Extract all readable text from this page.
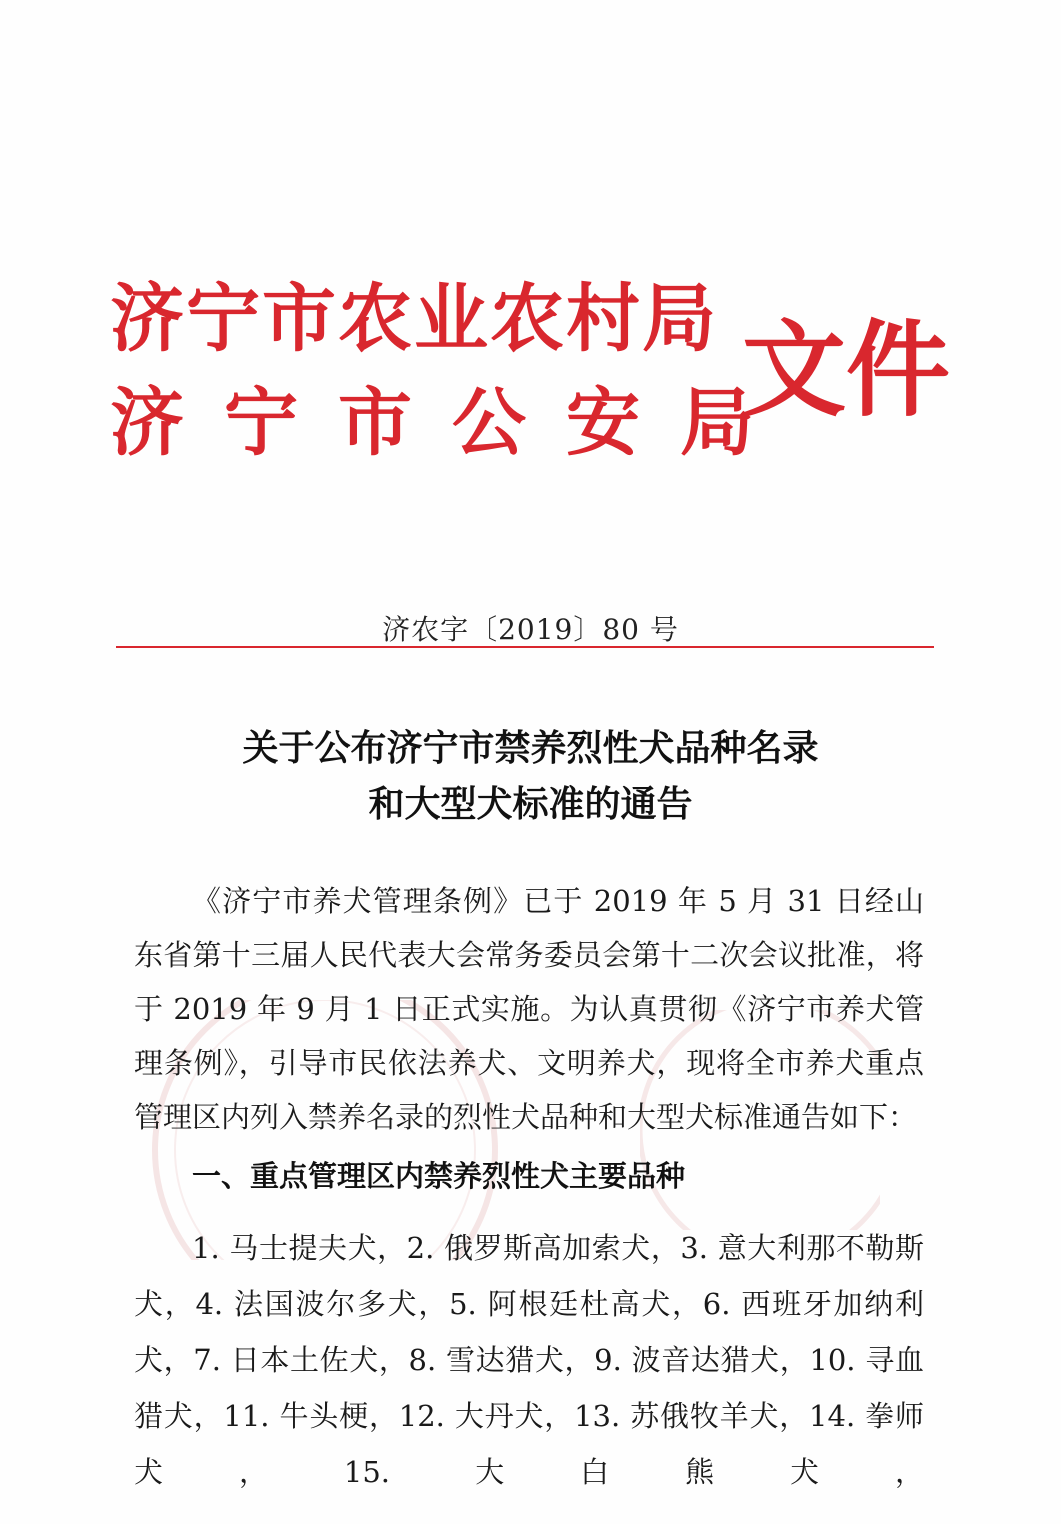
济宁市农业农村局
济宁市公安局
文件
济农字〔2019〕80 号
关于公布济宁市禁养烈性犬品种名录
和大型犬标准的通告

《济宁市养犬管理条例》已于 2019 年 5 月 31 日经山东省第十三届人民代表大会常务委员会第十二次会议批准，将于 2019 年 9 月 1 日正式实施。为认真贯彻《济宁市养犬管理条例》，引导市民依法养犬、文明养犬，现将全市养犬重点管理区内列入禁养名录的烈性犬品种和大型犬标准通告如下：

一、重点管理区内禁养烈性犬主要品种

1. 马士提夫犬，2. 俄罗斯高加索犬，3. 意大利那不勒斯犬，4. 法国波尔多犬，5. 阿根廷杜高犬，6. 西班牙加纳利犬，7. 日本土佐犬，8. 雪达猎犬，9. 波音达猎犬，10. 寻血猎犬，11. 牛头梗，12. 大丹犬，13. 苏俄牧羊犬，14. 拳师犬，15. 大白熊犬，
